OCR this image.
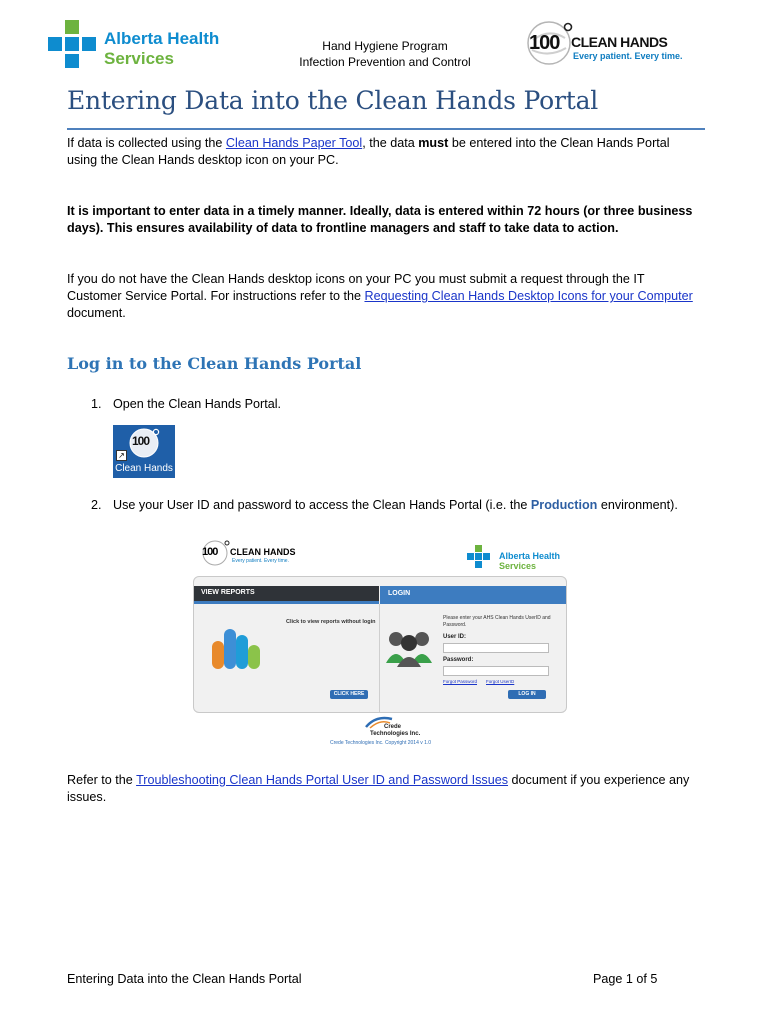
Alberta Health
Services
Hand Hygiene Program
Infection Prevention and Control
100 CLEAN HANDS
Every patient. Every time.
Entering Data into the Clean Hands Portal
If data is collected using the Clean Hands Paper Tool, the data must be entered into the Clean Hands Portal
using the Clean Hands desktop icon on your PC.
It is important to enter data in a timely manner. Ideally, data is entered within 72 hours (or three business
days). This ensures availability of data to frontline managers and staff to take data to action.
If you do not have the Clean Hands desktop icons on your PC you must submit a request through the IT
Customer Service Portal. For instructions refer to the Requesting Clean Hands Desktop Icons for your Computer
document.
Log in to the Clean Hands Portal
1. Open the Clean Hands Portal.
100
↗
Clean Hands
2. Use your User ID and password to access the Clean Hands Portal (i.e. the Production environment).
100 CLEAN HANDS
Every patient. Every time.	Alberta Health
Services
VIEW REPORTS	LOGIN
Click to view reports without login
CLICK HERE
Please enter your AHS Clean Hands UserID and Password.
User ID:
Password:
Forgot Password Forgot UserID
LOG IN
Crede
Technologies Inc.
Crede Technologies Inc. Copyright 2014 v 1.0
Refer to the Troubleshooting Clean Hands Portal User ID and Password Issues document if you experience any
issues.
Entering Data into the Clean Hands Portal	Page 1 of 5
